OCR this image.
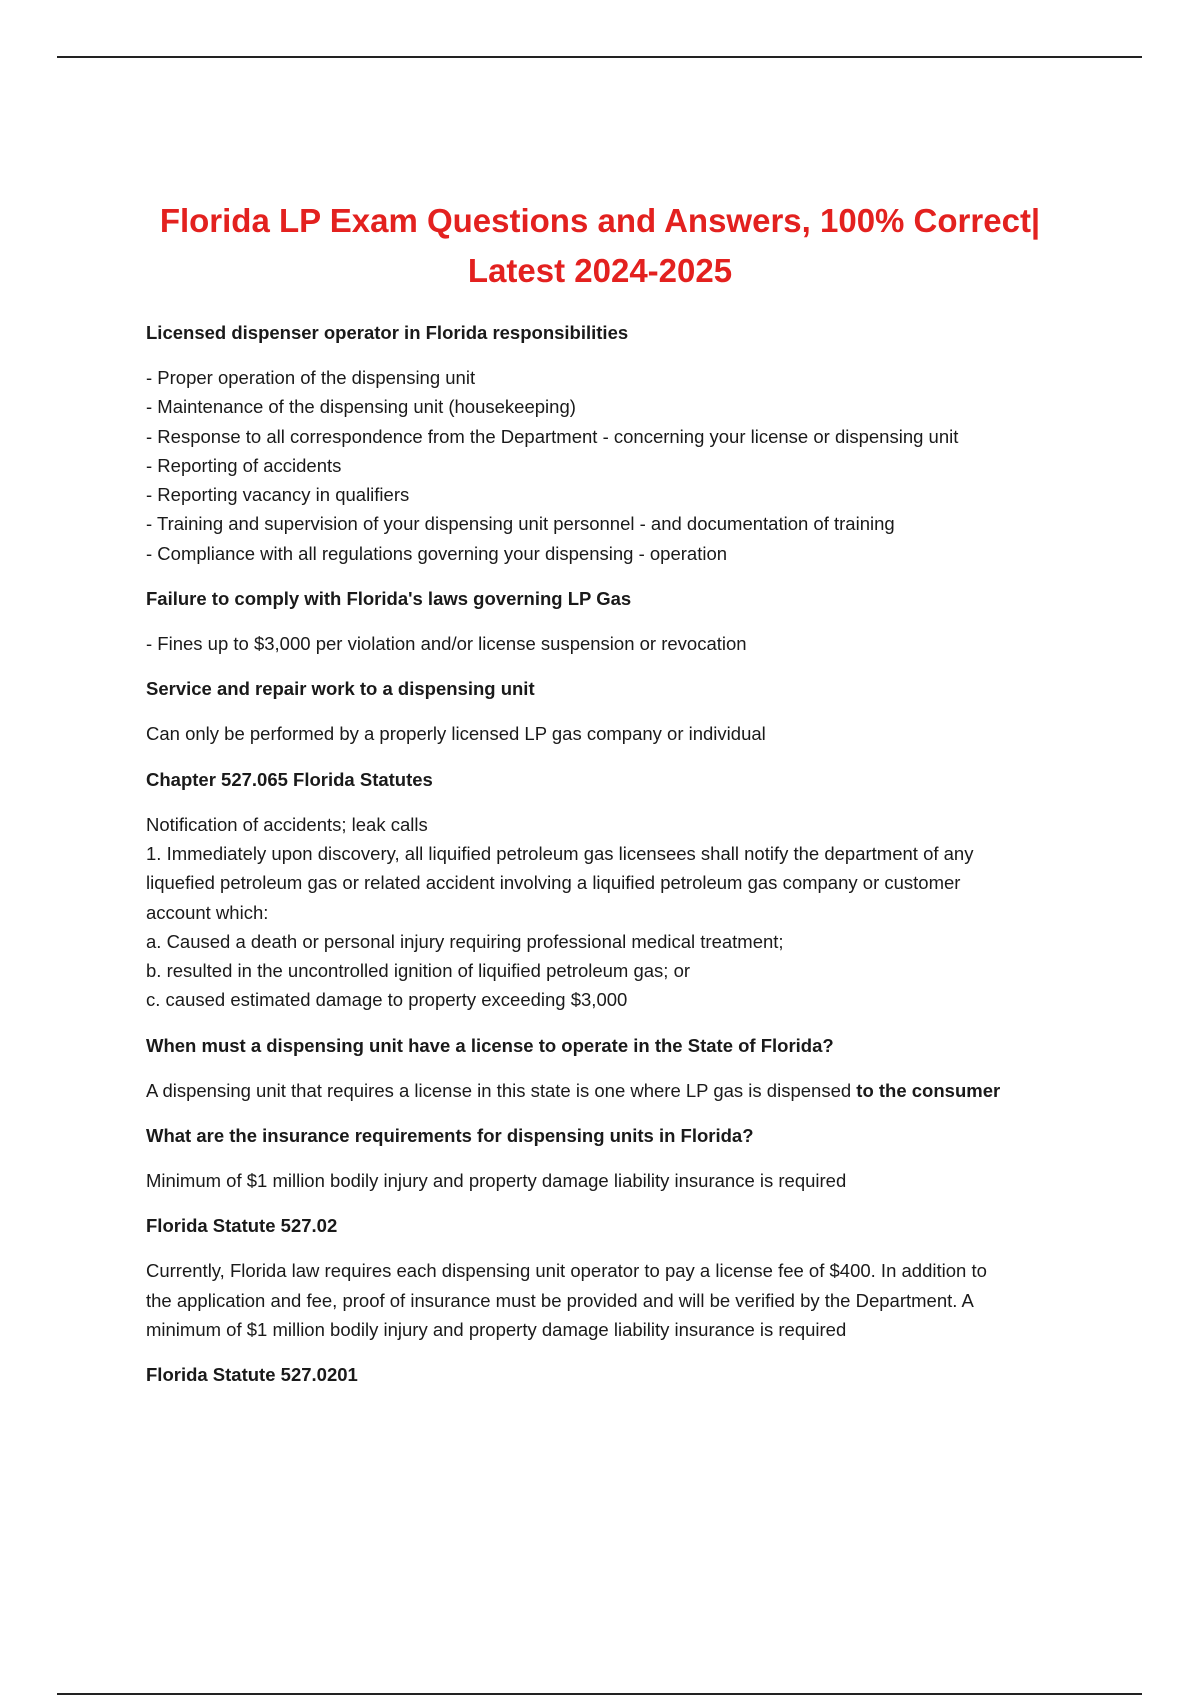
Florida LP Exam Questions and Answers, 100% Correct|
Latest 2024-2025

Licensed dispenser operator in Florida responsibilities

- Proper operation of the dispensing unit
- Maintenance of the dispensing unit (housekeeping)
- Response to all correspondence from the Department - concerning your license or dispensing unit
- Reporting of accidents
- Reporting vacancy in qualifiers
- Training and supervision of your dispensing unit personnel - and documentation of training
- Compliance with all regulations governing your dispensing - operation

Failure to comply with Florida's laws governing LP Gas

- Fines up to $3,000 per violation and/or license suspension or revocation

Service and repair work to a dispensing unit

Can only be performed by a properly licensed LP gas company or individual

Chapter 527.065 Florida Statutes

Notification of accidents; leak calls

1. Immediately upon discovery, all liquified petroleum gas licensees shall notify the department of any

liquefied petroleum gas or related accident involving a liquified petroleum gas company or customer

account which:

a. Caused a death or personal injury requiring professional medical treatment;

b. resulted in the uncontrolled ignition of liquified petroleum gas; or

c. caused estimated damage to property exceeding $3,000

When must a dispensing unit have a license to operate in the State of Florida?

A dispensing unit that requires a license in this state is one where LP gas is dispensed to the consumer

What are the insurance requirements for dispensing units in Florida?

Minimum of $1 million bodily injury and property damage liability insurance is required

Florida Statute 527.02

Currently, Florida law requires each dispensing unit operator to pay a license fee of $400. In addition to

the application and fee, proof of insurance must be provided and will be verified by the Department. A

minimum of $1 million bodily injury and property damage liability insurance is required

Florida Statute 527.0201
